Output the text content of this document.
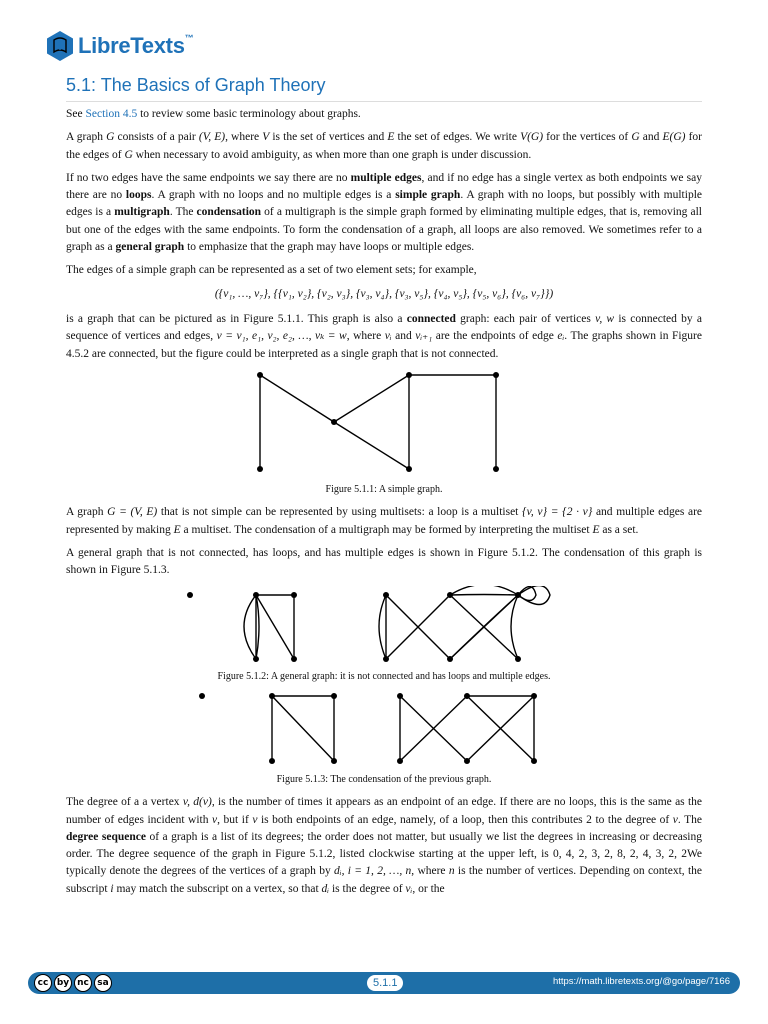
LibreTexts™
5.1: The Basics of Graph Theory

See Section 4.5 to review some basic terminology about graphs.

A graph G consists of a pair (V, E), where V is the set of vertices and E the set of edges. We write V(G) for the vertices of G and E(G) for the edges of G when necessary to avoid ambiguity, as when more than one graph is under discussion.

If no two edges have the same endpoints we say there are no multiple edges, and if no edge has a single vertex as both endpoints we say there are no loops. A graph with no loops and no multiple edges is a simple graph. A graph with no loops, but possibly with multiple edges is a multigraph. The condensation of a multigraph is the simple graph formed by eliminating multiple edges, that is, removing all but one of the edges with the same endpoints. To form the condensation of a graph, all loops are also removed. We sometimes refer to a graph as a general graph to emphasize that the graph may have loops or multiple edges.

The edges of a simple graph can be represented as a set of two element sets; for example,

({v₁, …, v₇}, {{v₁, v₂}, {v₂, v₃}, {v₃, v₄}, {v₃, v₅}, {v₄, v₅}, {v₅, v₆}, {v₆, v₇}})

is a graph that can be pictured as in Figure 5.1.1. This graph is also a connected graph: each pair of vertices v, w is connected by a sequence of vertices and edges, v = v₁, e₁, v₂, e₂, …, vₖ = w, where vᵢ and vᵢ₊₁ are the endpoints of edge eᵢ. The graphs shown in Figure 4.5.2 are connected, but the figure could be interpreted as a single graph that is not connected.

Figure 5.1.1: A simple graph.

A graph G = (V, E) that is not simple can be represented by using multisets: a loop is a multiset {v, v} = {2 · v} and multiple edges are represented by making E a multiset. The condensation of a multigraph may be formed by interpreting the multiset E as a set.

A general graph that is not connected, has loops, and has multiple edges is shown in Figure 5.1.2. The condensation of this graph is shown in Figure 5.1.3.

Figure 5.1.2: A general graph: it is not connected and has loops and multiple edges.
Figure 5.1.3: The condensation of the previous graph.

The degree of a a vertex v, d(v), is the number of times it appears as an endpoint of an edge. If there are no loops, this is the same as the number of edges incident with v, but if v is both endpoints of an edge, namely, of a loop, then this contributes 2 to the degree of v. The degree sequence of a graph is a list of its degrees; the order does not matter, but usually we list the degrees in increasing or decreasing order. The degree sequence of the graph in Figure 5.1.2, listed clockwise starting at the upper left, is 0, 4, 2, 3, 2, 8, 2, 4, 3, 2, 2We typically denote the degrees of the vertices of a graph by dᵢ, i = 1, 2, …, n, where n is the number of vertices. Depending on context, the subscript i may match the subscript on a vertex, so that dᵢ is the degree of vᵢ, or the

cc by nc sa	5.1.1	https://math.libretexts.org/@go/page/7166
